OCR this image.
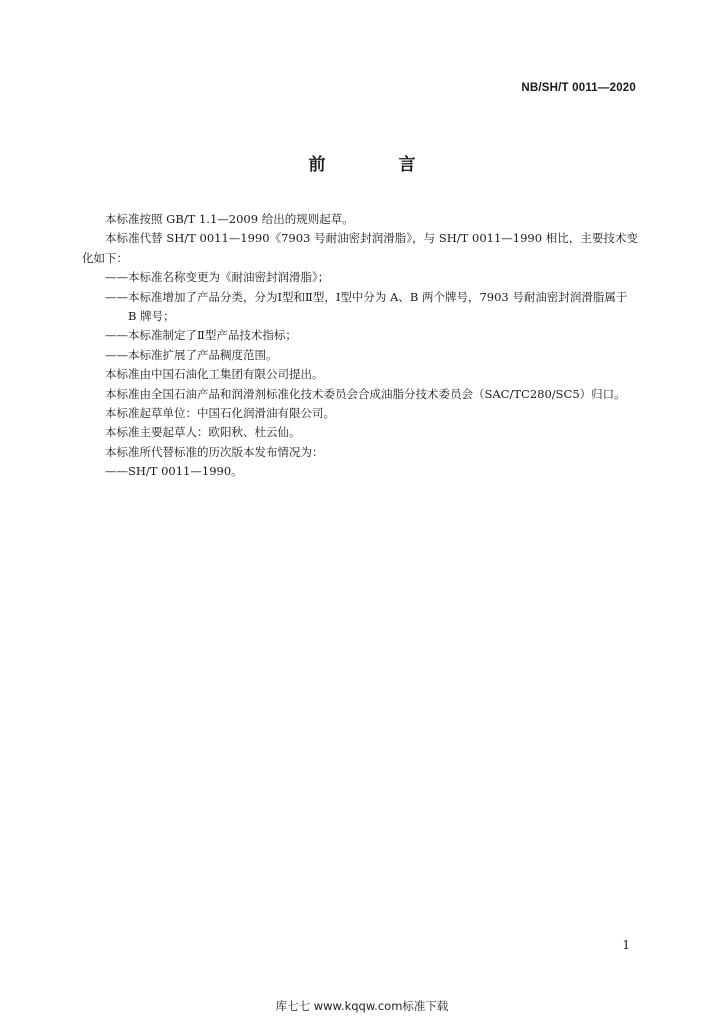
NB/SH/T 0011—2020
前　言

本标准按照 GB/T 1.1—2009 给出的规则起草。

本标准代替 SH/T 0011—1990《7903 号耐油密封润滑脂》，与 SH/T 0011—1990 相比，主要技术变化如下：

——本标准名称变更为《耐油密封润滑脂》；

——本标准增加了产品分类，分为Ⅰ型和Ⅱ型，Ⅰ型中分为 A、B 两个牌号，7903 号耐油密封润滑脂属于 B 牌号；

——本标准制定了Ⅱ型产品技术指标；

——本标准扩展了产品稠度范围。

本标准由中国石油化工集团有限公司提出。

本标准由全国石油产品和润滑剂标准化技术委员会合成油脂分技术委员会（SAC/TC280/SC5）归口。

本标准起草单位：中国石化润滑油有限公司。

本标准主要起草人：欧阳秋、杜云仙。

本标准所代替标准的历次版本发布情况为：

——SH/T 0011—1990。

1
库七七 www.kqqw.com标准下载
